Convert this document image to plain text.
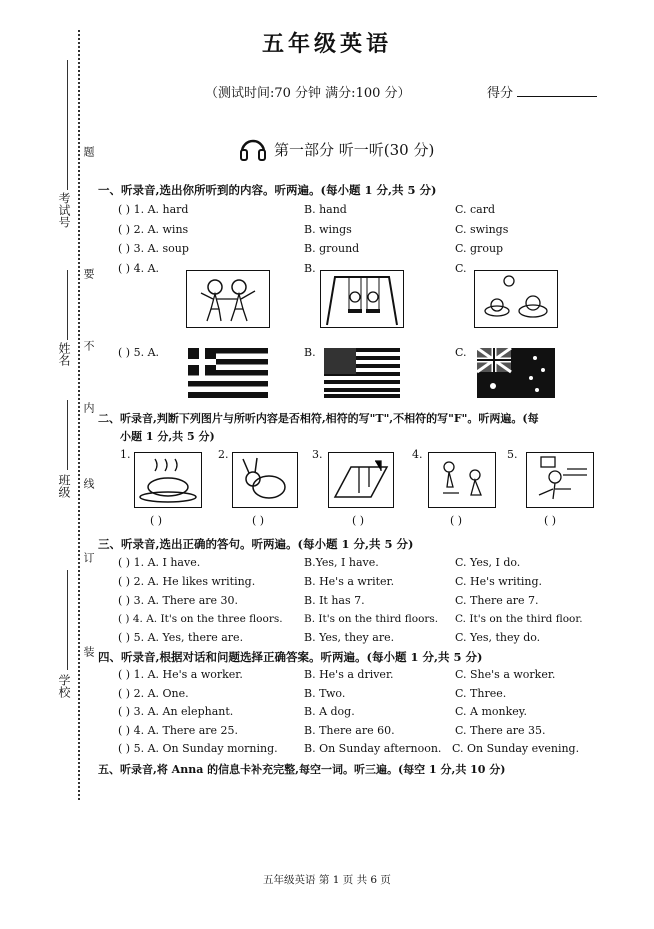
考试号
姓名
班级
学校
题
要
不
内
线
订
装
五年级英语
（测试时间:70 分钟 满分:100 分）	得分
第一部分 听一听(30 分)
一、听录音,选出你所听到的内容。听两遍。(每小题 1 分,共 5 分)
( ) 1. A. hard	B. hand	C. card
( ) 2. A. wins	B. wings	C. swings
( ) 3. A. soup	B. ground	C. group
( ) 4. A.	B.	C.
( ) 5. A.	B.	C.
二、听录音,判断下列图片与所听内容是否相符,相符的写"T",不相符的写"F"。听两遍。(每
小题 1 分,共 5 分)
1.	2.	3.	4.	5.
( )	( )	( )	( )	( )
三、听录音,选出正确的答句。听两遍。(每小题 1 分,共 5 分)
( ) 1. A. I have.	B.Yes, I have.	C. Yes, I do.
( ) 2. A. He likes writing.	B. He's a writer.	C. He's writing.
( ) 3. A. There are 30.	B. It has 7.	C. There are 7.
( ) 4. A. It's on the three floors. B. It's on the third floors. C. It's on the third floor.
( ) 5. A. Yes, there are.	B. Yes, they are.	C. Yes, they do.
四、听录音,根据对话和问题选择正确答案。听两遍。(每小题 1 分,共 5 分)
( ) 1. A. He's a worker.	B. He's a driver.	C. She's a worker.
( ) 2. A. One.	B. Two.	C. Three.
( ) 3. A. An elephant.	B. A dog.	C. A monkey.
( ) 4. A. There are 25.	B. There are 60.	C. There are 35.
( ) 5. A. On Sunday morning. B. On Sunday afternoon. C. On Sunday evening.
五、听录音,将 Anna 的信息卡补充完整,每空一词。听三遍。(每空 1 分,共 10 分)
五年级英语 第 1 页 共 6 页
